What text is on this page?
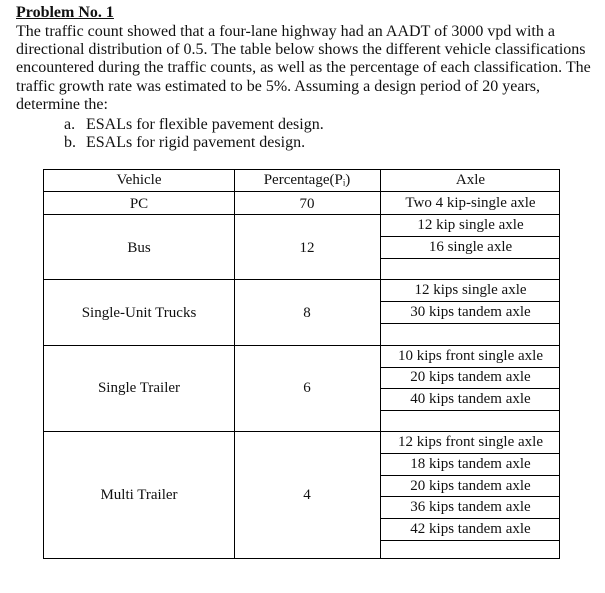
Problem No. 1
The traffic count showed that a four-lane highway had an AADT of 3000 vpd with a
directional distribution of 0.5. The table below shows the different vehicle classifications
encountered during the traffic counts, as well as the percentage of each classification. The
traffic growth rate was estimated to be 5%. Assuming a design period of 20 years,
determine the:
a. ESALs for flexible pavement design.
b. ESALs for rigid pavement design.
Vehicle	Percentage(Pᵢ)	Axle
PC	70	Two 4 kip-single axle
Bus	12
12 kip single axle
16 single axle
Single-Unit Trucks	8
12 kips single axle
30 kips tandem axle
Single Trailer	6
10 kips front single axle
20 kips tandem axle
40 kips tandem axle
Multi Trailer	4
12 kips front single axle
18 kips tandem axle
20 kips tandem axle
36 kips tandem axle
42 kips tandem axle
